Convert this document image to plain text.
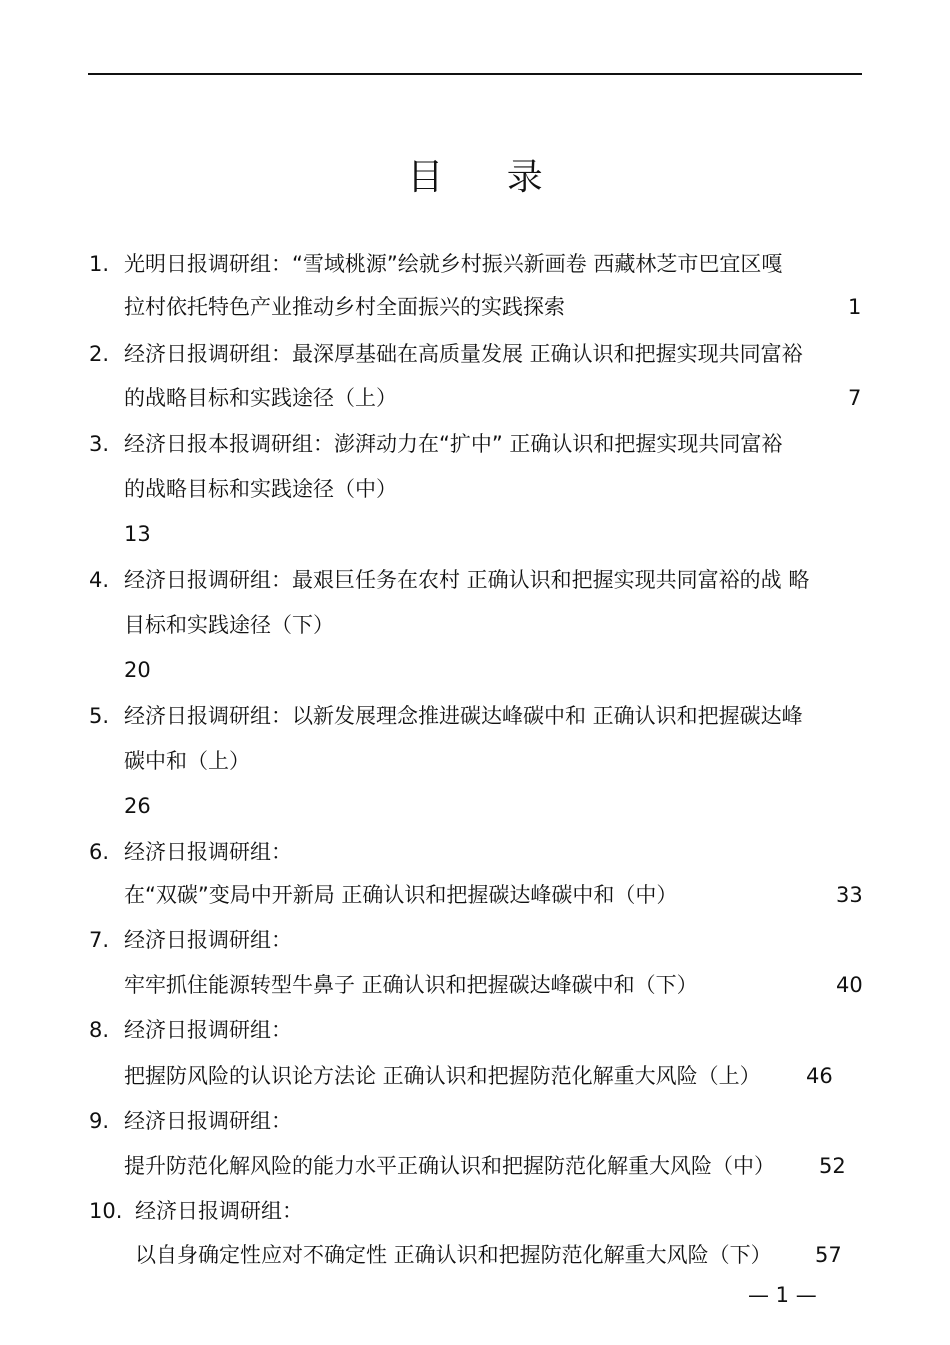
目 录
1. 光明日报调研组：“雪域桃源”绘就乡村振兴新画卷 西藏林芝市巴宜区嘎
拉村依托特色产业推动乡村全面振兴的实践探索	1
2. 经济日报调研组：最深厚基础在高质量发展 正确认识和把握实现共同富裕
的战略目标和实践途径（上）	7
3. 经济日报本报调研组：澎湃动力在“扩中” 正确认识和把握实现共同富裕
的战略目标和实践途径（中）
13
4. 经济日报调研组：最艰巨任务在农村 正确认识和把握实现共同富裕的战 略
目标和实践途径（下）
20
5. 经济日报调研组：以新发展理念推进碳达峰碳中和 正确认识和把握碳达峰
碳中和（上）
26
6. 经济日报调研组：
在“双碳”变局中开新局 正确认识和把握碳达峰碳中和（中）	33
7. 经济日报调研组：
牢牢抓住能源转型牛鼻子 正确认识和把握碳达峰碳中和（下）	40
8. 经济日报调研组：
把握防风险的认识论方法论 正确认识和把握防范化解重大风险（上） 46
9. 经济日报调研组：
提升防范化解风险的能力水平正确认识和把握防范化解重大风险（中） 52
10. 经济日报调研组：
以自身确定性应对不确定性 正确认识和把握防范化解重大风险（下） 57
— 1 —
